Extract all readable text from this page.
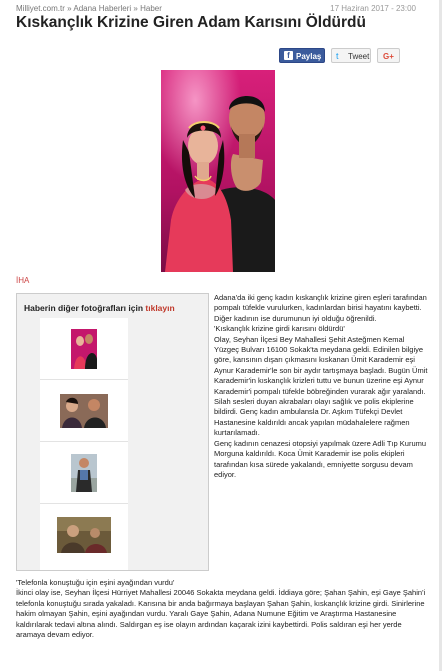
Milliyet.com.tr » Adana Haberleri » Haber	17 Haziran 2017 - 23:00
Kıskançlık Krizine Giren Adam Karısını Öldürdü
f Paylaş	t Tweet	G+
İHA
Haberin diğer fotoğrafları için tıklayın

Adana'da iki genç kadın kıskançlık krizine giren eşleri tarafından pompalı tüfekle vurulurken, kadınlardan birisi hayatını kaybetti. Diğer kadının ise durumunun iyi olduğu öğrenildi.

'Kıskançlık krizine girdi karısını öldürdü'

Olay, Seyhan İlçesi Bey Mahallesi Şehit Asteğmen Kemal Yüzgeç Bulvarı 16100 Sokak'ta meydana geldi. Edinilen bilgiye göre, karısının dışarı çıkmasını kıskanan Ümit Karademir eşi Aynur Karademir'le son bir aydır tartışmaya başladı. Bugün Ümit Karademir'in kıskançlık krizleri tuttu ve bunun üzerine eşi Aynur Karademir'i pompalı tüfekle böbreğinden vurarak ağır yaralandı. Silah sesleri duyan akrabaları olayı sağlık ve polis ekiplerine bildirdi. Genç kadın ambulansla Dr. Aşkım Tüfekçi Devlet Hastanesine kaldırıldı ancak yapılan müdahalelere rağmen kurtarılamadı.

Genç kadının cenazesi otopsiyi yapılmak üzere Adli Tıp Kurumu Morguna kaldırıldı. Koca Ümit Karademir ise polis ekipleri tarafından kısa sürede yakalandı, emniyette sorgusu devam ediyor.

'Telefonla konuştuğu için eşini ayağından vurdu'

İkinci olay ise, Seyhan İlçesi Hürriyet Mahallesi 20046 Sokakta meydana geldi. İddiaya göre; Şahan Şahin, eşi Gaye Şahin'i telefonla konuştuğu sırada yakaladı. Karısına bir anda bağırmaya başlayan Şahan Şahin, kıskançlık krizine girdi. Sinirlerine hakim olmayan Şahin, eşini ayağından vurdu. Yaralı Gaye Şahin, Adana Numune Eğitim ve Araştırma Hastanesine kaldırılarak tedavi altına alındı. Saldırgan eş ise olayın ardından kaçarak izini kaybettirdi. Polis saldıran eşi her yerde aramaya devam ediyor.
